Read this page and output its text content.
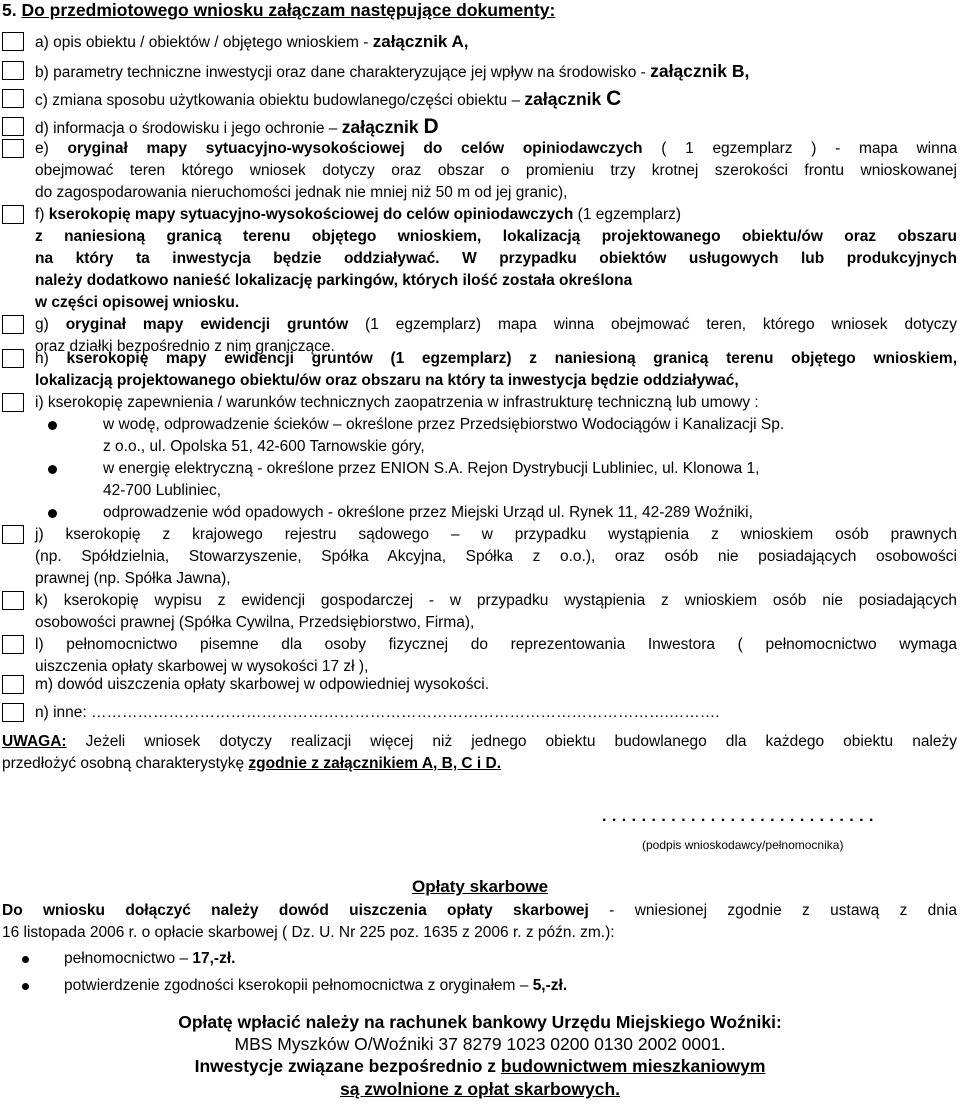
5. Do przedmiotowego wniosku załączam następujące dokumenty:
a) opis obiektu / obiektów / objętego wnioskiem - załącznik A,
b) parametry techniczne inwestycji oraz dane charakteryzujące jej wpływ na środowisko - załącznik B,
c) zmiana sposobu użytkowania obiektu budowlanego/części obiektu – załącznik C
d) informacja o środowisku i jego ochronie – załącznik D
e) oryginał mapy sytuacyjno-wysokościowej do celów opiniodawczych ( 1 egzemplarz ) - mapa winna
obejmować teren którego wniosek dotyczy oraz obszar o promieniu trzy krotnej szerokości frontu wnioskowanej
do zagospodarowania nieruchomości jednak nie mniej niż 50 m od jej granic),
f) kserokopię mapy sytuacyjno-wysokościowej do celów opiniodawczych (1 egzemplarz)
z naniesioną granicą terenu objętego wnioskiem, lokalizacją projektowanego obiektu/ów oraz obszaru
na który ta inwestycja będzie oddziaływać. W przypadku obiektów usługowych lub produkcyjnych
należy dodatkowo nanieść lokalizację parkingów, których ilość została określona
w części opisowej wniosku.
g) oryginał mapy ewidencji gruntów (1 egzemplarz) mapa winna obejmować teren, którego wniosek dotyczy
oraz działki bezpośrednio z nim graniczące.
h) kserokopię mapy ewidencji gruntów (1 egzemplarz) z naniesioną granicą terenu objętego wnioskiem,
lokalizacją projektowanego obiektu/ów oraz obszaru na który ta inwestycja będzie oddziaływać,
i) kserokopię zapewnienia / warunków technicznych zaopatrzenia w infrastrukturę techniczną lub umowy :
w wodę, odprowadzenie ścieków – określone przez Przedsiębiorstwo Wodociągów i Kanalizacji Sp.
z o.o., ul. Opolska 51, 42-600 Tarnowskie góry,
w energię elektryczną - określone przez ENION S.A. Rejon Dystrybucji Lubliniec, ul. Klonowa 1,
42-700 Lubliniec,
odprowadzenie wód opadowych - określone przez Miejski Urząd ul. Rynek 11, 42-289 Woźniki,
j) kserokopię z krajowego rejestru sądowego – w przypadku wystąpienia z wnioskiem osób prawnych
(np. Spółdzielnia, Stowarzyszenie, Spółka Akcyjna, Spółka z o.o.), oraz osób nie posiadających osobowości
prawnej (np. Spółka Jawna),
k) kserokopię wypisu z ewidencji gospodarczej - w przypadku wystąpienia z wnioskiem osób nie posiadających
osobowości prawnej (Spółka Cywilna, Przedsiębiorstwo, Firma),
l) pełnomocnictwo pisemne dla osoby fizycznej do reprezentowania Inwestora ( pełnomocnictwo wymaga
uiszczenia opłaty skarbowej w wysokości 17 zł ),
m) dowód uiszczenia opłaty skarbowej w odpowiedniej wysokości.
n) inne: ………………………………………………………………………………………………….……….
UWAGA: Jeżeli wniosek dotyczy realizacji więcej niż jednego obiektu budowlanego dla każdego obiektu należy
przedłożyć osobną charakterystykę zgodnie z załącznikiem A, B, C i D.
. . . . . . . . . . . . . . . . . . . . . . . . . . . .
(podpis wnioskodawcy/pełnomocnika)
Opłaty skarbowe
Do wniosku dołączyć należy dowód uiszczenia opłaty skarbowej - wniesionej zgodnie z ustawą z dnia
16 listopada 2006 r. o opłacie skarbowej ( Dz. U. Nr 225 poz. 1635 z 2006 r. z późn. zm.):
pełnomocnictwo – 17,-zł.
potwierdzenie zgodności kserokopii pełnomocnictwa z oryginałem – 5,-zł.
Opłatę wpłacić należy na rachunek bankowy Urzędu Miejskiego Woźniki:
MBS Myszków O/Woźniki 37 8279 1023 0200 0130 2002 0001.
Inwestycje związane bezpośrednio z budownictwem mieszkaniowym
są zwolnione z opłat skarbowych.
